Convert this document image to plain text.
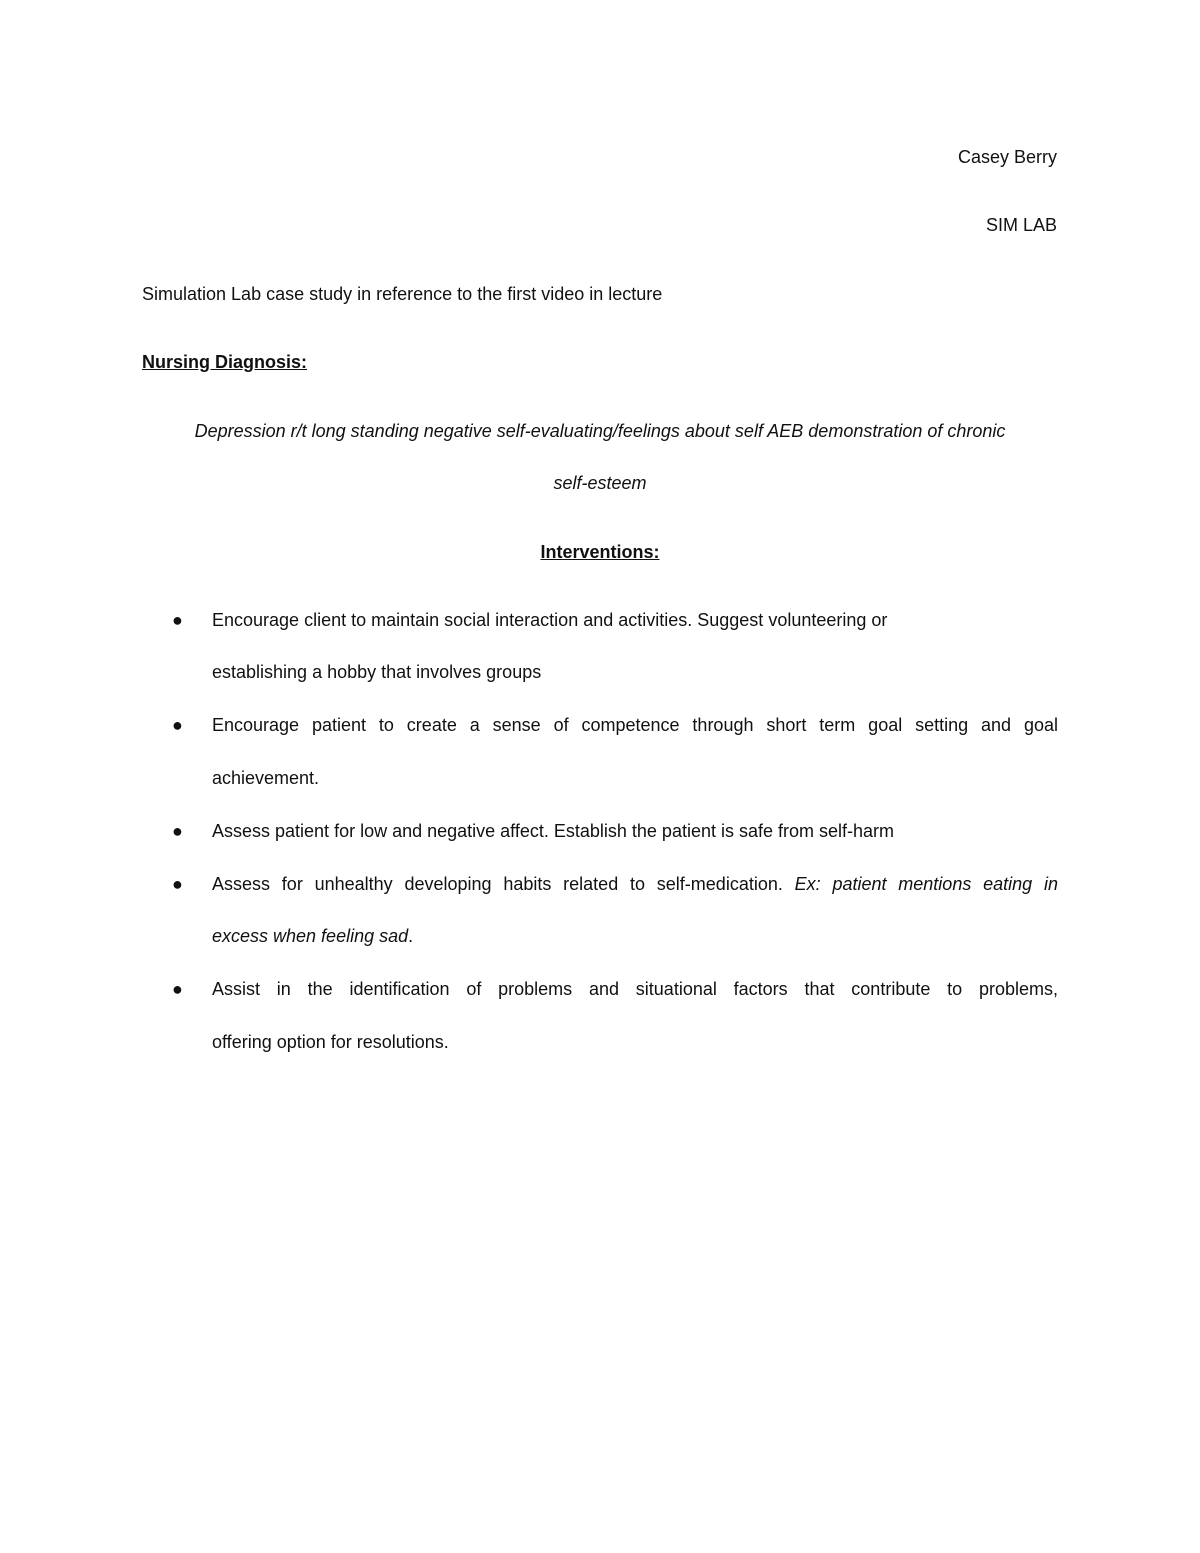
Casey Berry
SIM LAB
Simulation Lab case study in reference to the first video in lecture
Nursing Diagnosis:
Depression r/t long standing negative self-evaluating/feelings about self AEB demonstration of chronic
self-esteem
Interventions:
●	Encourage client to maintain social interaction and activities. Suggest volunteering or
establishing a hobby that involves groups
●	Encourage patient to create a sense of competence through short term goal setting and goal
achievement.
●	Assess patient for low and negative affect. Establish the patient is safe from self-harm
●	Assess for unhealthy developing habits related to self-medication. Ex: patient mentions eating in
excess when feeling sad.
●	Assist in the identification of problems and situational factors that contribute to problems,
offering option for resolutions.
